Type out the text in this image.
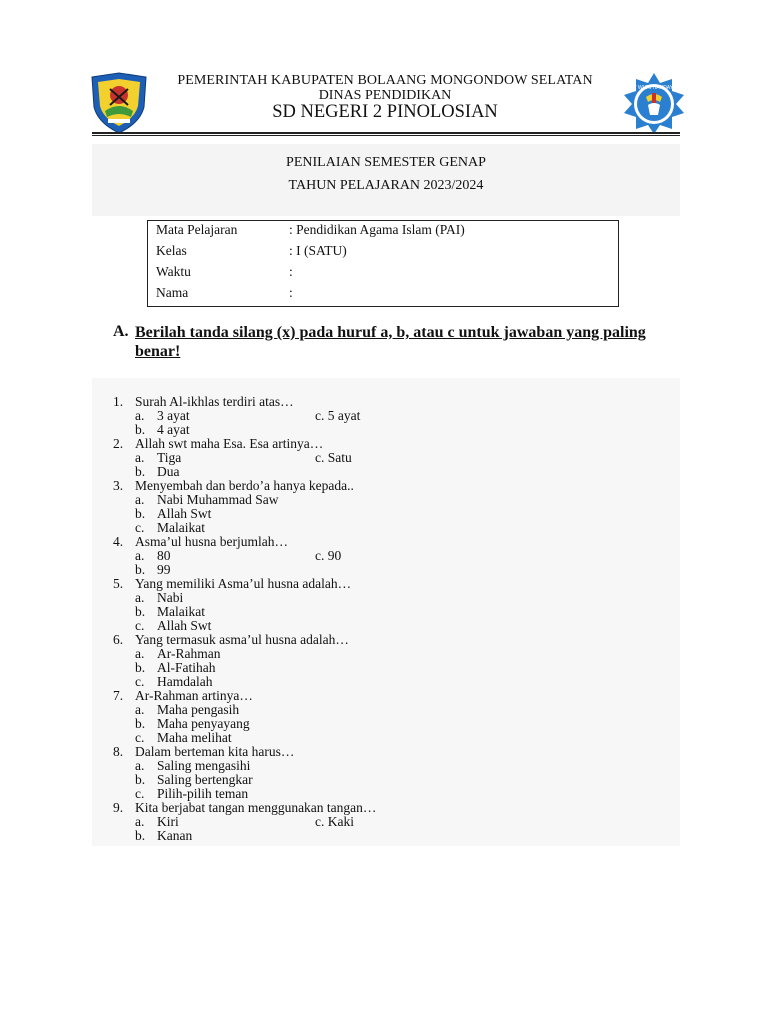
PEMERINTAH KABUPATEN BOLAANG MONGONDOW SELATAN
DINAS PENDIDIKAN
SD NEGERI 2 PINOLOSIAN
TUT WURI HANDAYANI
PENILAIAN SEMESTER GENAP
TAHUN PELAJARAN 2023/2024
Mata Pelajaran	: Pendidikan Agama Islam (PAI)
Kelas	: I (SATU)
Waktu	:
Nama	:
A. Berilah tanda silang (x) pada huruf a, b, atau c untuk jawaban yang paling benar!
1. Surah Al-ikhlas terdiri atas…
a. 3 ayat	c. 5 ayat
b. 4 ayat
2. Allah swt maha Esa. Esa artinya…
a. Tiga	c. Satu
b. Dua
3. Menyembah dan berdo’a hanya kepada..
a. Nabi Muhammad Saw
b. Allah Swt
c. Malaikat
4. Asma’ul husna berjumlah…
a. 80	c. 90
b. 99
5. Yang memiliki Asma’ul husna adalah…
a. Nabi
b. Malaikat
c. Allah Swt
6. Yang termasuk asma’ul husna adalah…
a. Ar-Rahman
b. Al-Fatihah
c. Hamdalah
7. Ar-Rahman artinya…
a. Maha pengasih
b. Maha penyayang
c. Maha melihat
8. Dalam berteman kita harus…
a. Saling mengasihi
b. Saling bertengkar
c. Pilih-pilih teman
9. Kita berjabat tangan menggunakan tangan…
a. Kiri	c. Kaki
b. Kanan
